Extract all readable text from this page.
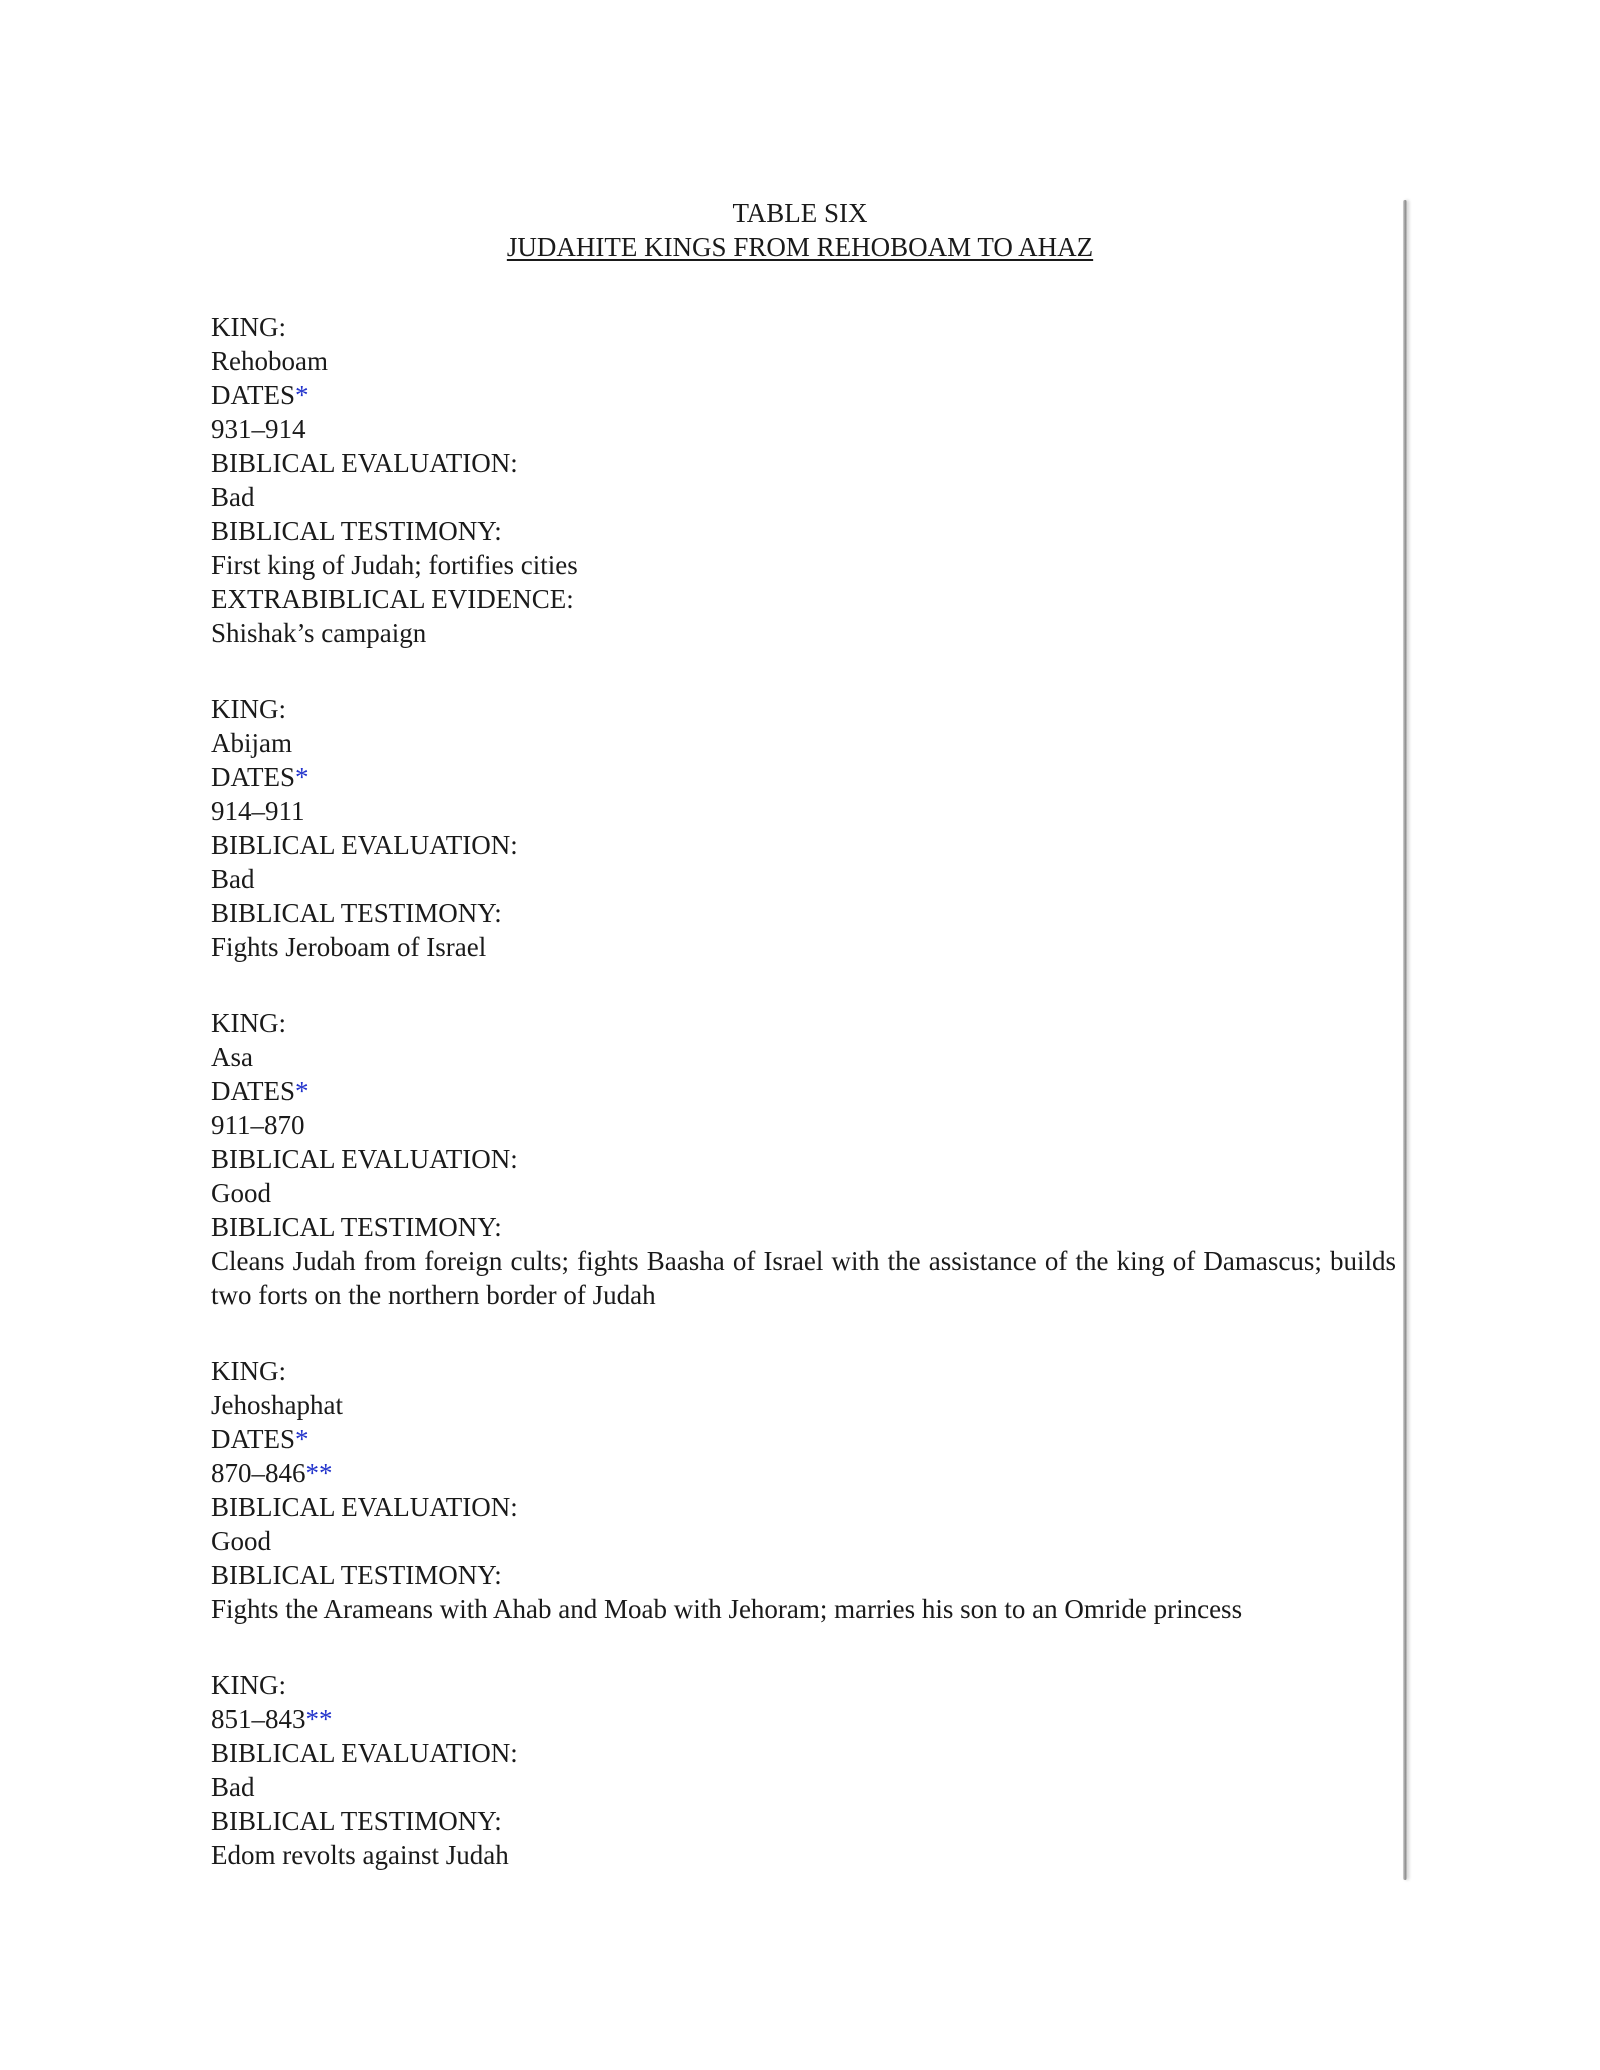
TABLE SIX
JUDAHITE KINGS FROM REHOBOAM TO AHAZ
KING:
Rehoboam
DATES*
931–914
BIBLICAL EVALUATION:
Bad
BIBLICAL TESTIMONY:
First king of Judah; fortifies cities
EXTRABIBLICAL EVIDENCE:
Shishak’s campaign
KING:
Abijam
DATES*
914–911
BIBLICAL EVALUATION:
Bad
BIBLICAL TESTIMONY:
Fights Jeroboam of Israel
KING:
Asa
DATES*
911–870
BIBLICAL EVALUATION:
Good
BIBLICAL TESTIMONY:
Cleans Judah from foreign cults; fights Baasha of Israel with the assistance of the king of Damascus; builds two forts on the northern border of Judah
KING:
Jehoshaphat
DATES*
870–846**
BIBLICAL EVALUATION:
Good
BIBLICAL TESTIMONY:
Fights the Arameans with Ahab and Moab with Jehoram; marries his son to an Omride princess
KING:
851–843**
BIBLICAL EVALUATION:
Bad
BIBLICAL TESTIMONY:
Edom revolts against Judah
